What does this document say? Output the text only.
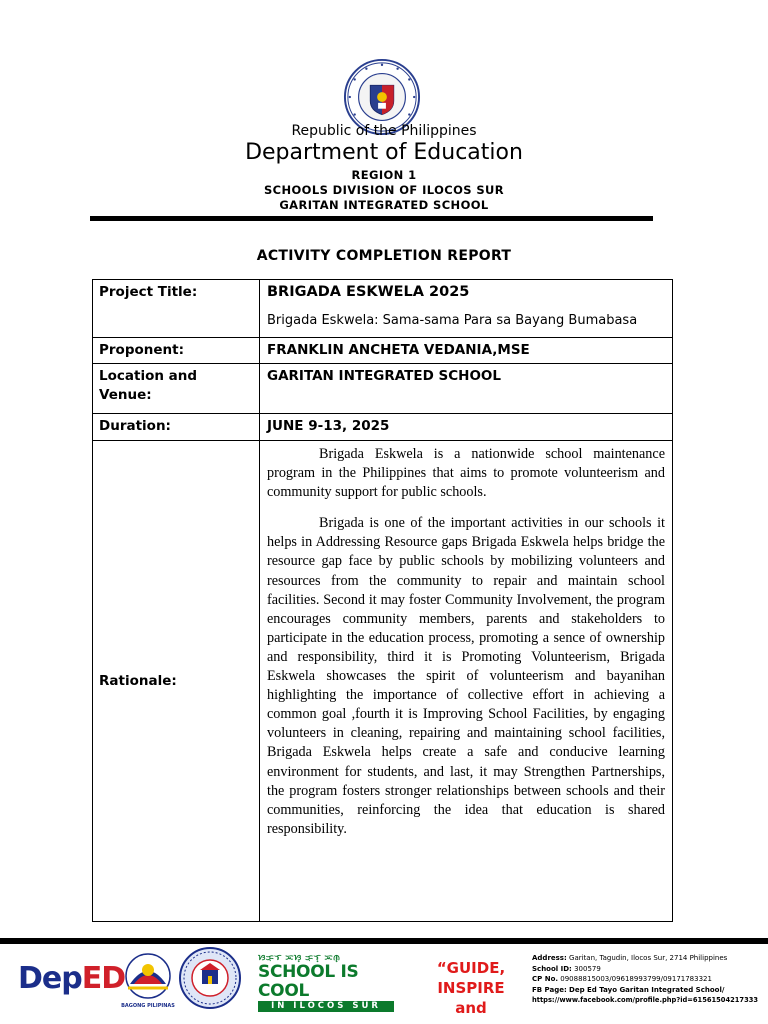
Republic of the Philippines
Department of Education
REGION 1
SCHOOLS DIVISION OF ILOCOS SUR
GARITAN INTEGRATED SCHOOL
ACTIVITY COMPLETION REPORT
Project Title:	BRIGADA ESKWELA 2025
Brigada Eskwela: Sama-sama Para sa Bayang Bumabasa

Proponent:	FRANKLIN ANCHETA VEDANIA,MSE

Location and Venue:	GARITAN INTEGRATED SCHOOL

Duration:	JUNE 9-13, 2025

Rationale:	Brigada Eskwela is a nationwide school maintenance program in the Philippines that aims to promote volunteerism and community support for public schools.

Brigada is one of the important activities in our schools it helps in Addressing Resource gaps Brigada Eskwela helps bridge the resource gap face by public schools by mobilizing volunteers and resources from the community to repair and maintain school facilities. Second it may foster Community Involvement, the program encourages community members, parents and stakeholders to participate in the education process, promoting a sence of ownership and responsibility, third it is Promoting Volunteerism, Brigada Eskwela showcases the spirit of volunteerism and bayanihan highlighting the importance of collective effort in achieving a common goal ,fourth it is Improving School Facilities, by engaging volunteers in cleaning, repairing and maintaining school facilities, Brigada Eskwela helps create a safe and conducive learning environment for students, and last, it may Strengthen Partnerships, the program fosters stronger relationships between schools and their communities, reinforcing the idea that education is shared responsibility.

DepED
BAGONG PILIPINAS
ᜐᜃᜓᜎ ᜁᜐ᜔ ᜃᜓᜎ᜔ ᜁᜈ᜔
SCHOOL IS COOL
IN ILOCOS SUR
“GUIDE, INSPIRE and
Address: Garitan, Tagudin, Ilocos Sur, 2714 Philippines
School ID: 300579
CP No. 09088815003/09618993799/09171783321
FB Page: Dep Ed Tayo Garitan Integrated School/
https://www.facebook.com/profile.php?id=61561504217333
